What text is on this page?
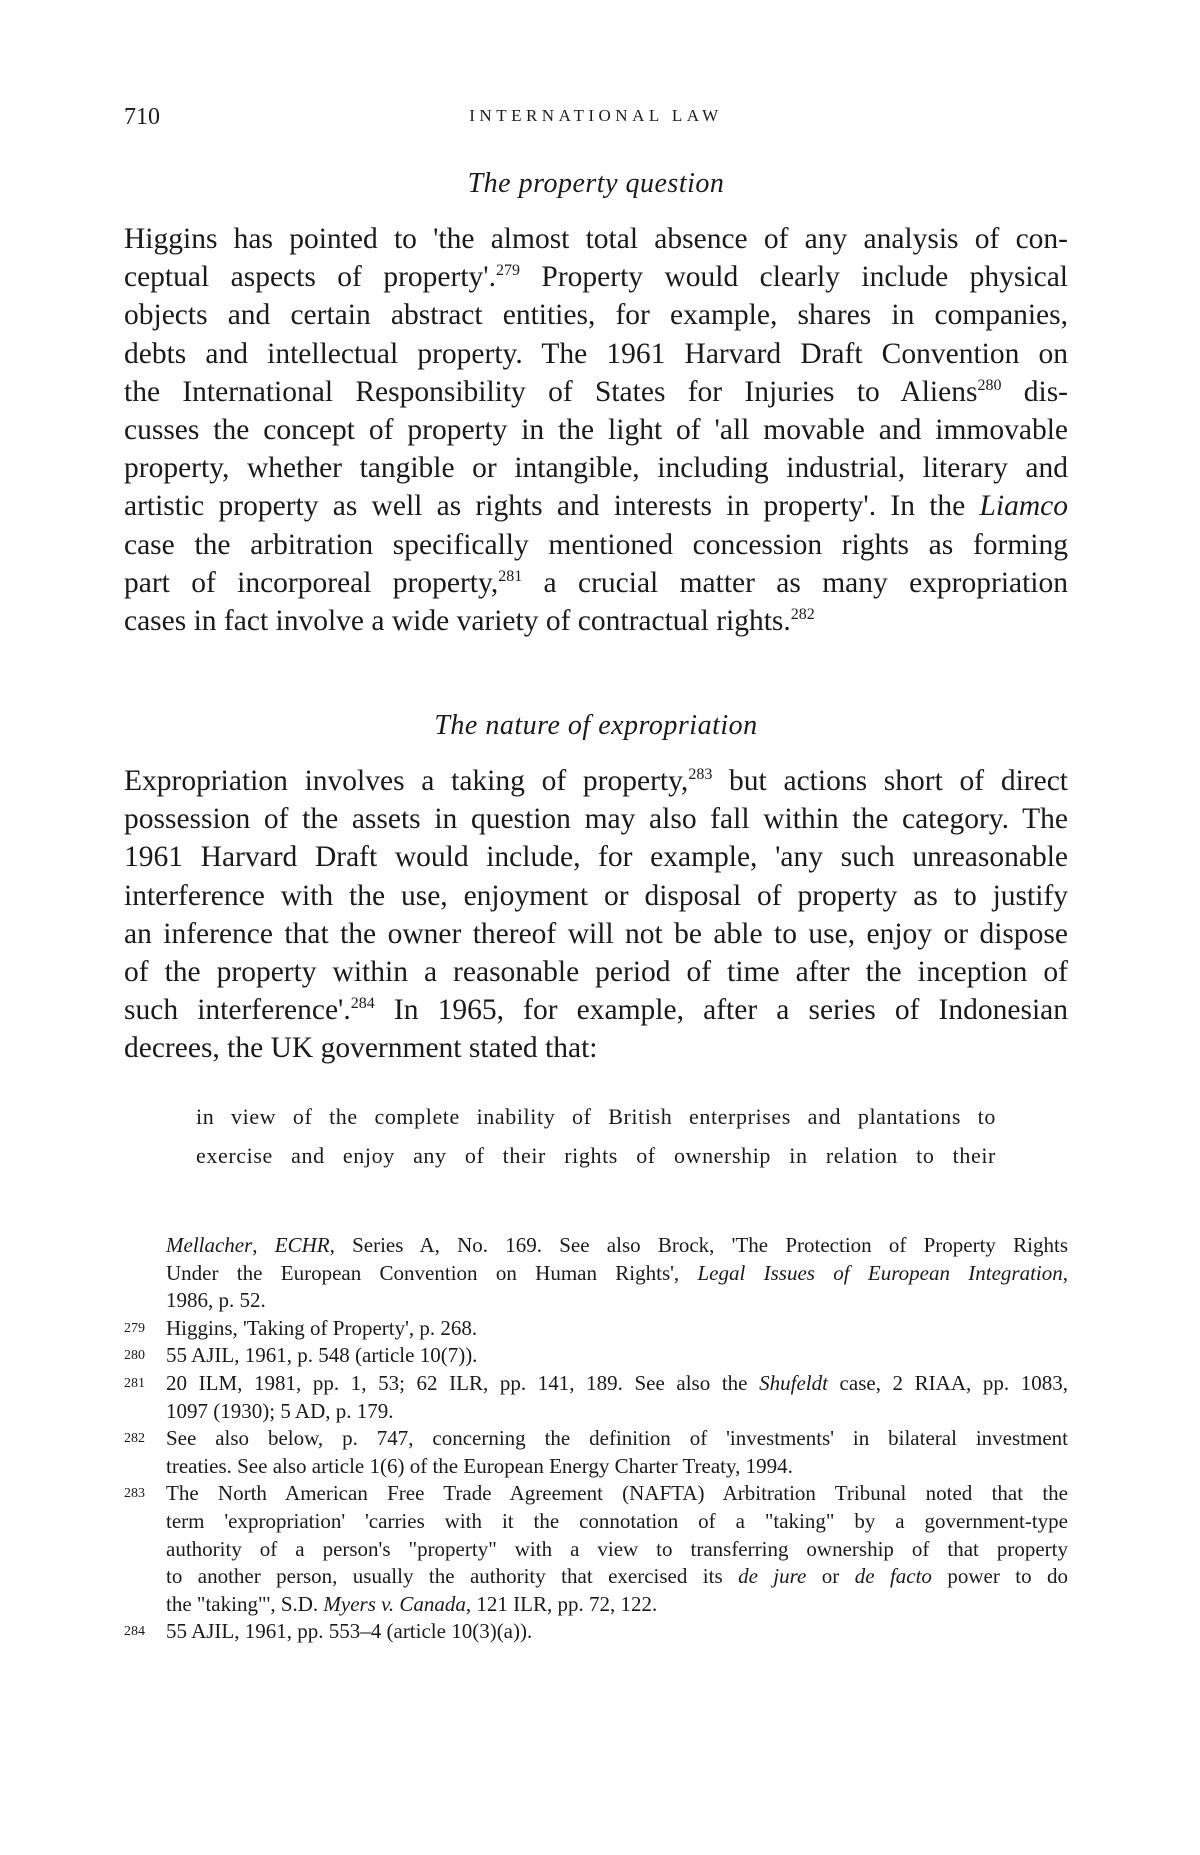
710	INTERNATIONAL LAW
The property question

Higgins has pointed to 'the almost total absence of any analysis of con-
ceptual aspects of property'.$^{279}$ Property would clearly include physical
objects and certain abstract entities, for example, shares in companies,
debts and intellectual property. The 1961 Harvard Draft Convention on
the International Responsibility of States for Injuries to Aliens$^{280}$ dis-
cusses the concept of property in the light of 'all movable and immovable
property, whether tangible or intangible, including industrial, literary and
artistic property as well as rights and interests in property'. In the Liamco
case the arbitration specifically mentioned concession rights as forming
part of incorporeal property,$^{281}$ a crucial matter as many expropriation
cases in fact involve a wide variety of contractual rights.$^{282}$

The nature of expropriation

Expropriation involves a taking of property,$^{283}$ but actions short of direct
possession of the assets in question may also fall within the category. The
1961 Harvard Draft would include, for example, 'any such unreasonable
interference with the use, enjoyment or disposal of property as to justify
an inference that the owner thereof will not be able to use, enjoy or dispose
of the property within a reasonable period of time after the inception of
such interference'.$^{284}$ In 1965, for example, after a series of Indonesian
decrees, the UK government stated that:

in view of the complete inability of British enterprises and plantations to
exercise and enjoy any of their rights of ownership in relation to their

Mellacher, ECHR, Series A, No. 169. See also Brock, 'The Protection of Property Rights
Under the European Convention on Human Rights', Legal Issues of European Integration,
1986, p. 52.
279	Higgins, 'Taking of Property', p. 268.
280	55 AJIL, 1961, p. 548 (article 10(7)).
281	20 ILM, 1981, pp. 1, 53; 62 ILR, pp. 141, 189. See also the Shufeldt case, 2 RIAA, pp. 1083,
1097 (1930); 5 AD, p. 179.
282	See also below, p. 747, concerning the definition of 'investments' in bilateral investment
treaties. See also article 1(6) of the European Energy Charter Treaty, 1994.
283	The North American Free Trade Agreement (NAFTA) Arbitration Tribunal noted that the
term 'expropriation' 'carries with it the connotation of a "taking" by a government-type
authority of a person's "property" with a view to transferring ownership of that property
to another person, usually the authority that exercised its de jure or de facto power to do
the "taking"', S.D. Myers v. Canada, 121 ILR, pp. 72, 122.
284	55 AJIL, 1961, pp. 553–4 (article 10(3)(a)).
